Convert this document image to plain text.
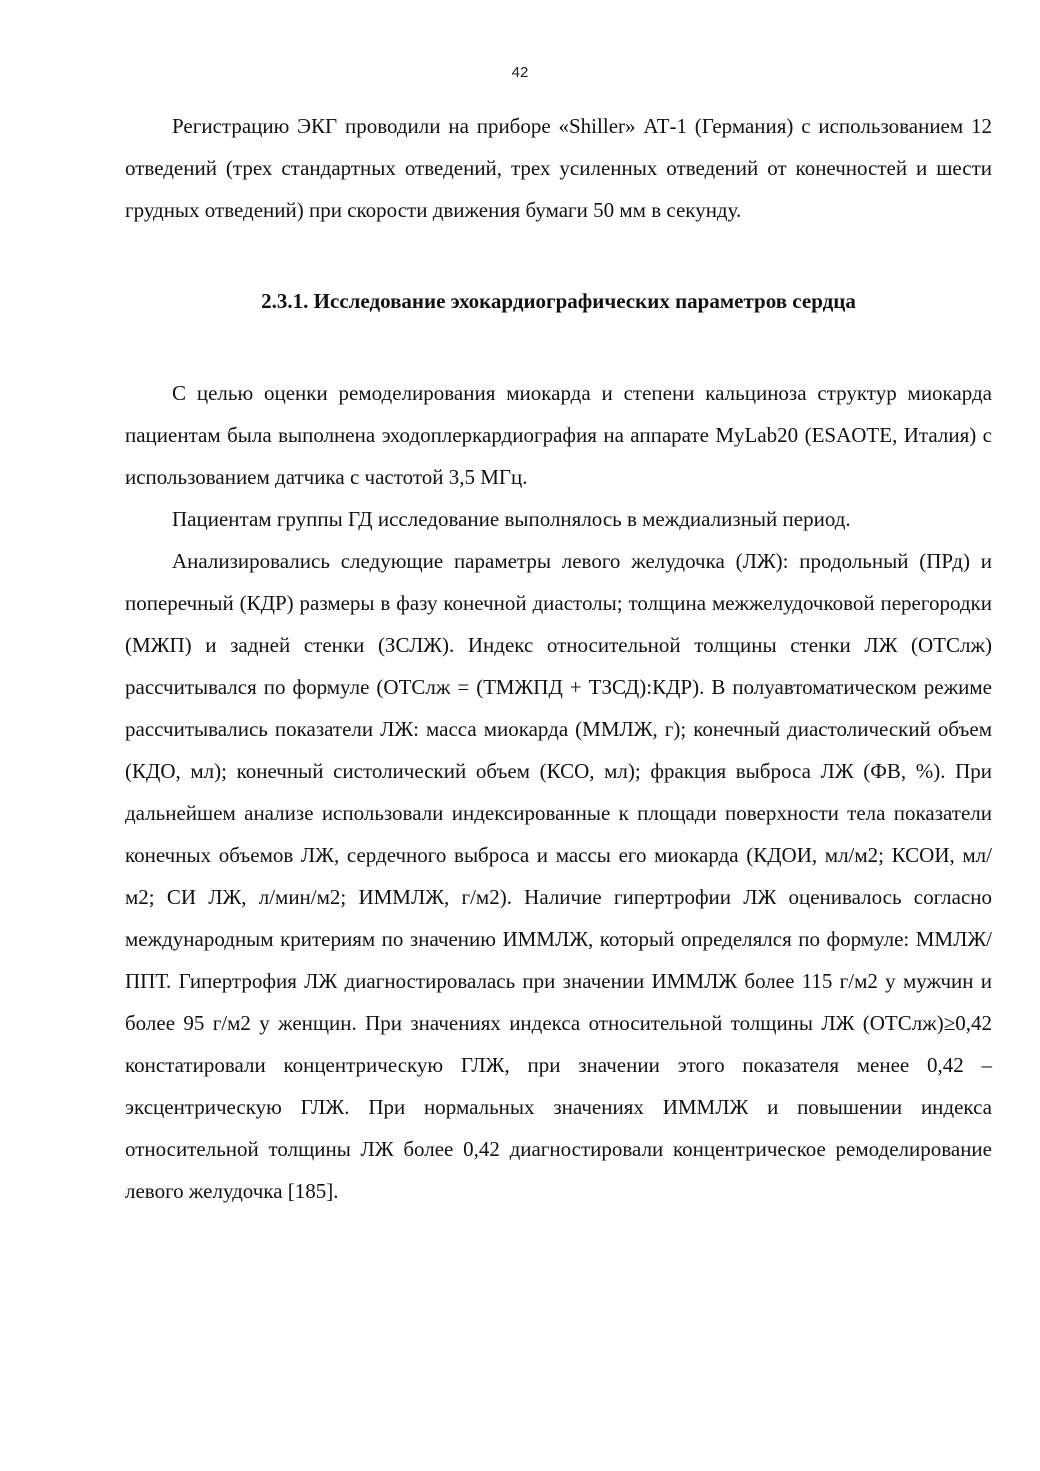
42

Регистрацию ЭКГ проводили на приборе «Shiller» АТ-1 (Германия) с использованием 12 отведений (трех стандартных отведений, трех усиленных отведений от конечностей и шести грудных отведений) при скорости движения бумаги 50 мм в секунду.

2.3.1. Исследование эхокардиографических параметров сердца

С целью оценки ремоделирования миокарда и степени кальциноза структур миокарда пациентам была выполнена эходоплеркардиография на аппарате MyLab20 (ESAOTE, Италия) с использованием датчика с частотой 3,5 МГц.

Пациентам группы ГД исследование выполнялось в междиализный период.

Анализировались следующие параметры левого желудочка (ЛЖ): продольный (ПРд) и поперечный (КДР) размеры в фазу конечной диастолы; толщина межжелудочковой перегородки (МЖП) и задней стенки (ЗСЛЖ). Индекс относительной толщины стенки ЛЖ (ОТСлж) рассчитывался по формуле (ОТСлж = (ТМЖПД + ТЗСД):КДР). В полуавтоматическом режиме рассчитывались показатели ЛЖ: масса миокарда (ММЛЖ, г); конечный диастолический объем (КДО, мл); конечный систолический объем (КСО, мл); фракция выброса ЛЖ (ФВ, %). При дальнейшем анализе использовали индексированные к площади поверхности тела показатели конечных объемов ЛЖ, сердечного выброса и массы его миокарда (КДОИ, мл/м2; КСОИ, мл/м2; СИ ЛЖ, л/мин/м2; ИММЛЖ, г/м2). Наличие гипертрофии ЛЖ оценивалось согласно международным критериям по значению ИММЛЖ, который определялся по формуле: ММЛЖ/ППТ. Гипертрофия ЛЖ диагностировалась при значении ИММЛЖ более 115 г/м2 у мужчин и более 95 г/м2 у женщин. При значениях индекса относительной толщины ЛЖ (ОТСлж)≥0,42 констатировали концентрическую ГЛЖ, при значении этого показателя менее 0,42 – эксцентрическую ГЛЖ. При нормальных значениях ИММЛЖ и повышении индекса относительной толщины ЛЖ более 0,42 диагностировали концентрическое ремоделирование левого желудочка [185].
